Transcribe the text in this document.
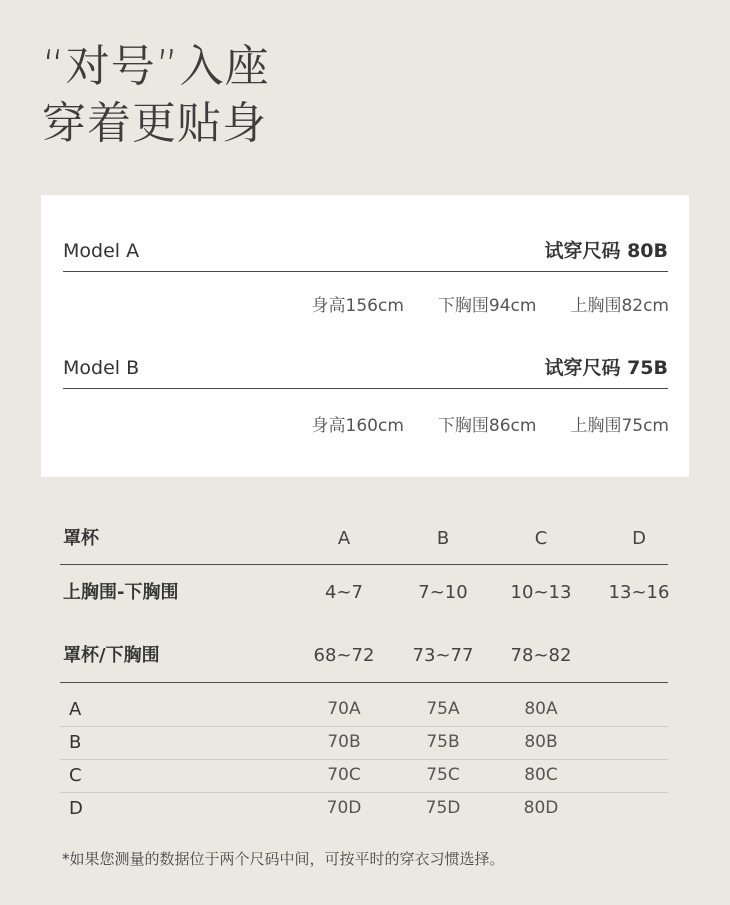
“对号”入座
穿着更贴身
Model A	试穿尺码 80B
身高156cm 下胸围94cm 上胸围82cm
Model B	试穿尺码 75B
身高160cm 下胸围86cm 上胸围75cm
罩杯	A	B	C	D
上胸围-下胸围	4~7	7~10	10~13	13~16
罩杯/下胸围	68~72	73~77	78~82
A	70A	75A	80A
B	70B	75B	80B
C	70C	75C	80C
D	70D	75D	80D
*如果您测量的数据位于两个尺码中间，可按平时的穿衣习惯选择。
